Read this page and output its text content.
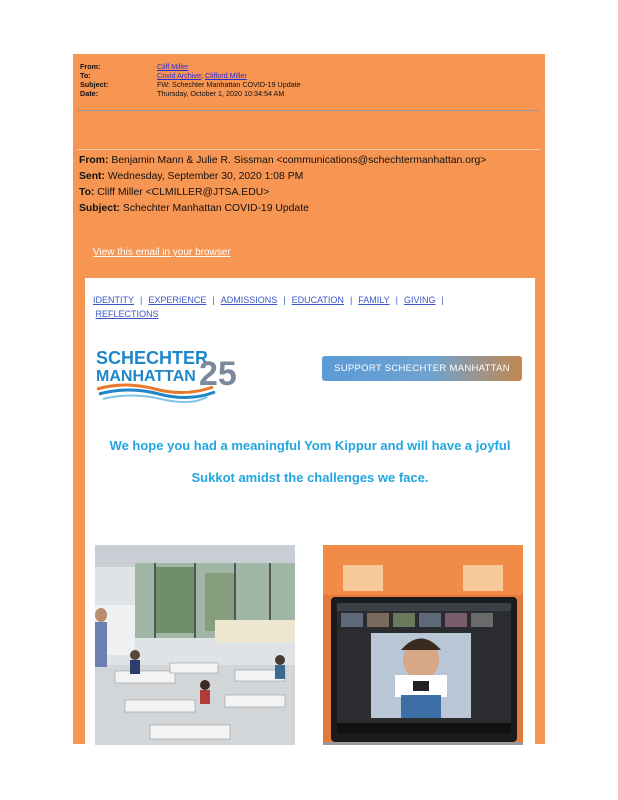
From:	Cliff Miller
To:	Covid Archive; Clifford Miller
Subject:	FW: Schechter Manhattan COVID-19 Update
Date:	Thursday, October 1, 2020 10:34:54 AM
From: Benjamin Mann & Julie R. Sissman <communications@schechtermanhattan.org>
Sent: Wednesday, September 30, 2020 1:08 PM
To: Cliff Miller <CLMILLER@JTSA.EDU>
Subject: Schechter Manhattan COVID-19 Update
View this email in your browser
IDENTITY | EXPERIENCE | ADMISSIONS | EDUCATION | FAMILY | GIVING |
REFLECTIONS
SCHECHTER
MANHATTAN 25	SUPPORT SCHECHTER MANHATTAN
We hope you had a meaningful Yom Kippur and will have a joyful
Sukkot amidst the challenges we face.
